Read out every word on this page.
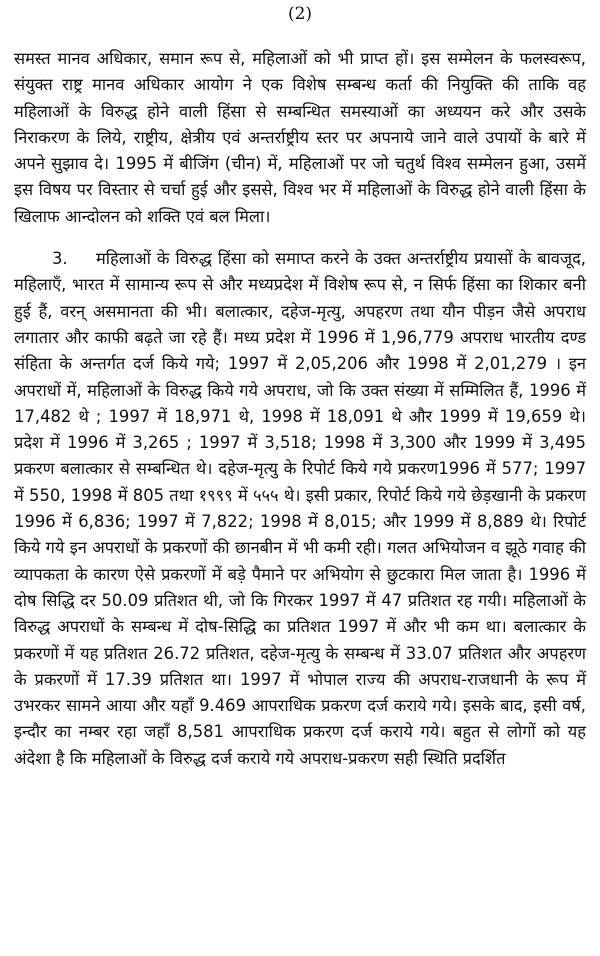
(2)

समस्त मानव अधिकार, समान रूप से, महिलाओं को भी प्राप्त हों। इस सम्मेलन के फलस्वरूप, संयुक्त राष्ट्र मानव अधिकार आयोग ने एक विशेष सम्बन्ध कर्ता की नियुक्ति की ताकि वह महिलाओं के विरुद्ध होने वाली हिंसा से सम्बन्धित समस्याओं का अध्ययन करे और उसके निराकरण के लिये, राष्ट्रीय, क्षेत्रीय एवं अन्तर्राष्ट्रीय स्तर पर अपनाये जाने वाले उपायों के बारे में अपने सुझाव दे। 1995 में बीजिंग (चीन) में, महिलाओं पर जो चतुर्थ विश्व सम्मेलन हुआ, उसमें इस विषय पर विस्तार से चर्चा हुई और इससे, विश्व भर में महिलाओं के विरुद्ध होने वाली हिंसा के खिलाफ आन्दोलन को शक्ति एवं बल मिला।

3. महिलाओं के विरुद्ध हिंसा को समाप्त करने के उक्त अन्तर्राष्ट्रीय प्रयासों के बावजूद, महिलाएँ, भारत में सामान्य रूप से और मध्यप्रदेश में विशेष रूप से, न सिर्फ हिंसा का शिकार बनी हुई हैं, वरन् असमानता की भी। बलात्कार, दहेज-मृत्यु, अपहरण तथा यौन पीड़न जैसे अपराध लगातार और काफी बढ़ते जा रहे हैं। मध्य प्रदेश में 1996 में 1,96,779 अपराध भारतीय दण्ड संहिता के अन्तर्गत दर्ज किये गये; 1997 में 2,05,206 और 1998 में 2,01,279 । इन अपराधों में, महिलाओं के विरुद्ध किये गये अपराध, जो कि उक्त संख्या में सम्मिलित हैं, 1996 में 17,482 थे ; 1997 में 18,971 थे, 1998 में 18,091 थे और 1999 में 19,659 थे। प्रदेश में 1996 में 3,265 ; 1997 में 3,518; 1998 में 3,300 और 1999 में 3,495 प्रकरण बलात्कार से सम्बन्धित थे। दहेज-मृत्यु के रिपोर्ट किये गये प्रकरण1996 में 577; 1997 में 550, 1998 में 805 तथा १९९९ में ५५५ थे। इसी प्रकार, रिपोर्ट किये गये छेड़खानी के प्रकरण 1996 में 6,836; 1997 में 7,822; 1998 में 8,015; और 1999 में 8,889 थे। रिपोर्ट किये गये इन अपराधों के प्रकरणों की छानबीन में भी कमी रही। गलत अभियोजन व झूठे गवाह की व्यापकता के कारण ऐसे प्रकरणों में बड़े पैमाने पर अभियोग से छुटकारा मिल जाता है। 1996 में दोष सिद्धि दर 50.09 प्रतिशत थी, जो कि गिरकर 1997 में 47 प्रतिशत रह गयी। महिलाओं के विरुद्ध अपराधों के सम्बन्ध में दोष-सिद्धि का प्रतिशत 1997 में और भी कम था। बलात्कार के प्रकरणों में यह प्रतिशत 26.72 प्रतिशत, दहेज-मृत्यु के सम्बन्ध में 33.07 प्रतिशत और अपहरण के प्रकरणों में 17.39 प्रतिशत था। 1997 में भोपाल राज्य की अपराध-राजधानी के रूप में उभरकर सामने आया और यहाँ 9.469 आपराधिक प्रकरण दर्ज कराये गये। इसके बाद, इसी वर्ष, इन्दौर का नम्बर रहा जहाँ 8,581 आपराधिक प्रकरण दर्ज कराये गये। बहुत से लोगों को यह अंदेशा है कि महिलाओं के विरुद्ध दर्ज कराये गये अपराध-प्रकरण सही स्थिति प्रदर्शित
